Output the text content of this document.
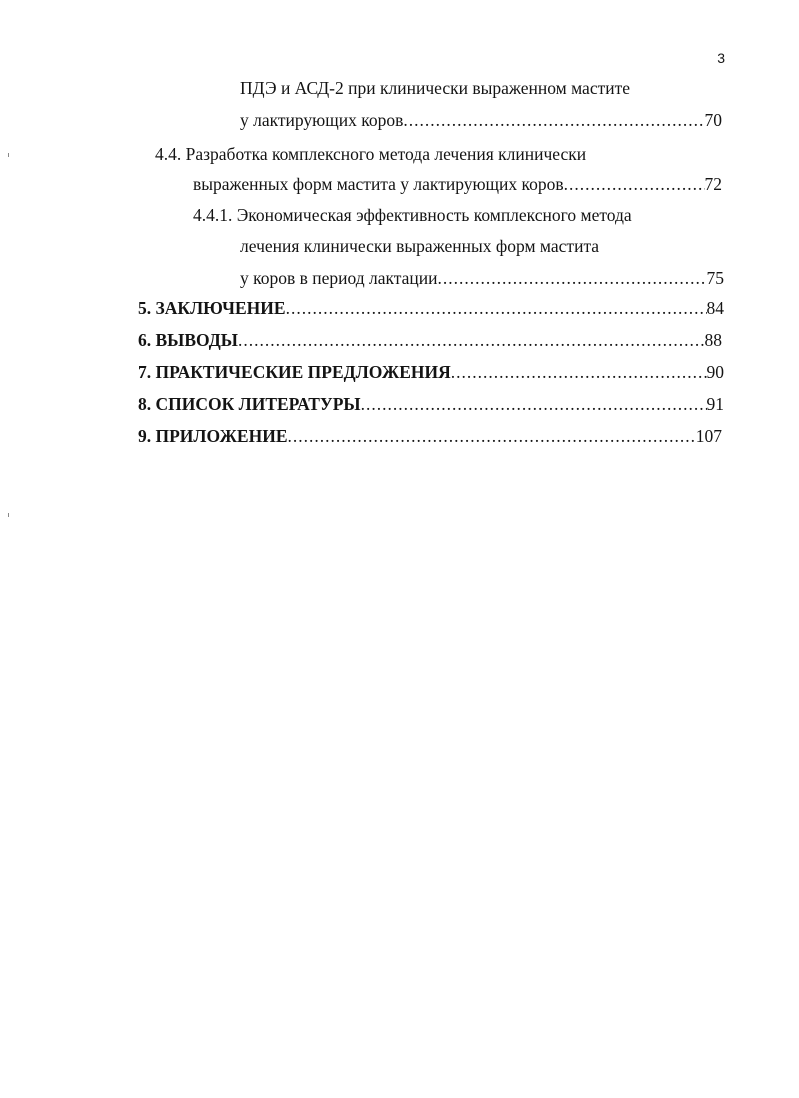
3
ПДЭ и АСД-2 при клинически выраженном мастите
у лактирующих коров .....	70
4.4. Разработка комплексного метода лечения клинически
выраженных форм мастита у лактирующих коров .....	72
4.4.1. Экономическая эффективность комплексного метода
лечения клинически выраженных форм мастита
у коров в период лактации .....	75
5. ЗАКЛЮЧЕНИЕ .....	84
6. ВЫВОДЫ .....	88
7. ПРАКТИЧЕСКИЕ ПРЕДЛОЖЕНИЯ .....	90
8. СПИСОК ЛИТЕРАТУРЫ .....	91
9. ПРИЛОЖЕНИЕ .....	107
